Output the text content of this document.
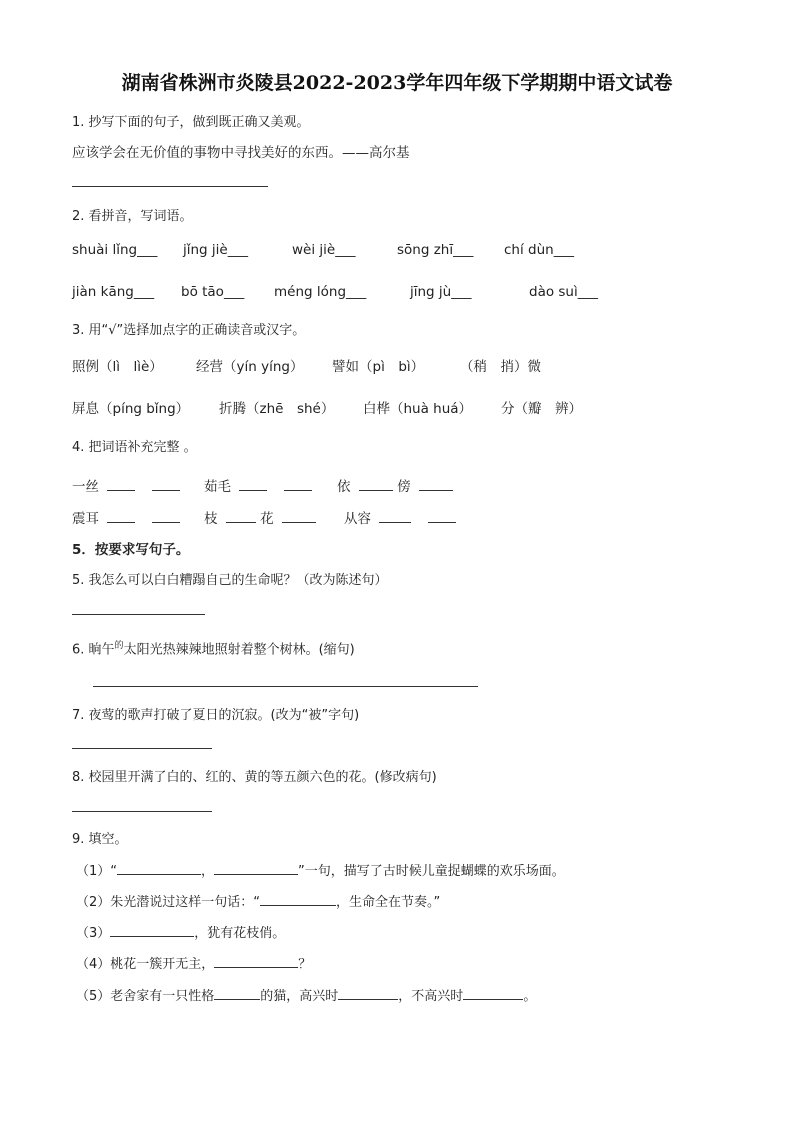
湖南省株洲市炎陵县2022-2023学年四年级下学期期中语文试卷
1. 抄写下面的句子，做到既正确又美观。
应该学会在无价值的事物中寻找美好的东西。——高尔基
2. 看拼音，写词语。
shuài lǐng___ jǐng jiè___	wèi jiè___	sōng zhī___ chí dùn___
jiàn kāng___ bō tāo___ méng lóng___	jīng jù___	dào suì___
3. 用“√”选择加点字的正确读音或汉字。
照例（lì　lìè） 经营（yín yíng） 譬如（pì　bì）	（稍　捎）微
屏息（píng bǐng） 折腾（zhē　shé） 白桦（huà huá） 分（瓣　辨）
4. 把词语补充完整 。
一丝	茹毛	依	傍
震耳	枝	花	从容
5．按要求写句子。
5. 我怎么可以白白糟蹋自己的生命呢？（改为陈述句）
6. 晌午$^的$太阳光热辣辣地照射着整个树林。(缩句)
7. 夜莺的歌声打破了夏日的沉寂。(改为“被”字句)
8. 校园里开满了白的、红的、黄的等五颜六色的花。(修改病句)
9. 填空。
（1）“	，	”一句，描写了古时候儿童捉蝴蝶的欢乐场面。
（2）朱光潜说过这样一句话：“	，生命全在节奏。”
（3）	，犹有花枝俏。
（4）桃花一簇开无主，	？
（5）老舍家有一只性格	的猫，高兴时	，不高兴时	。
